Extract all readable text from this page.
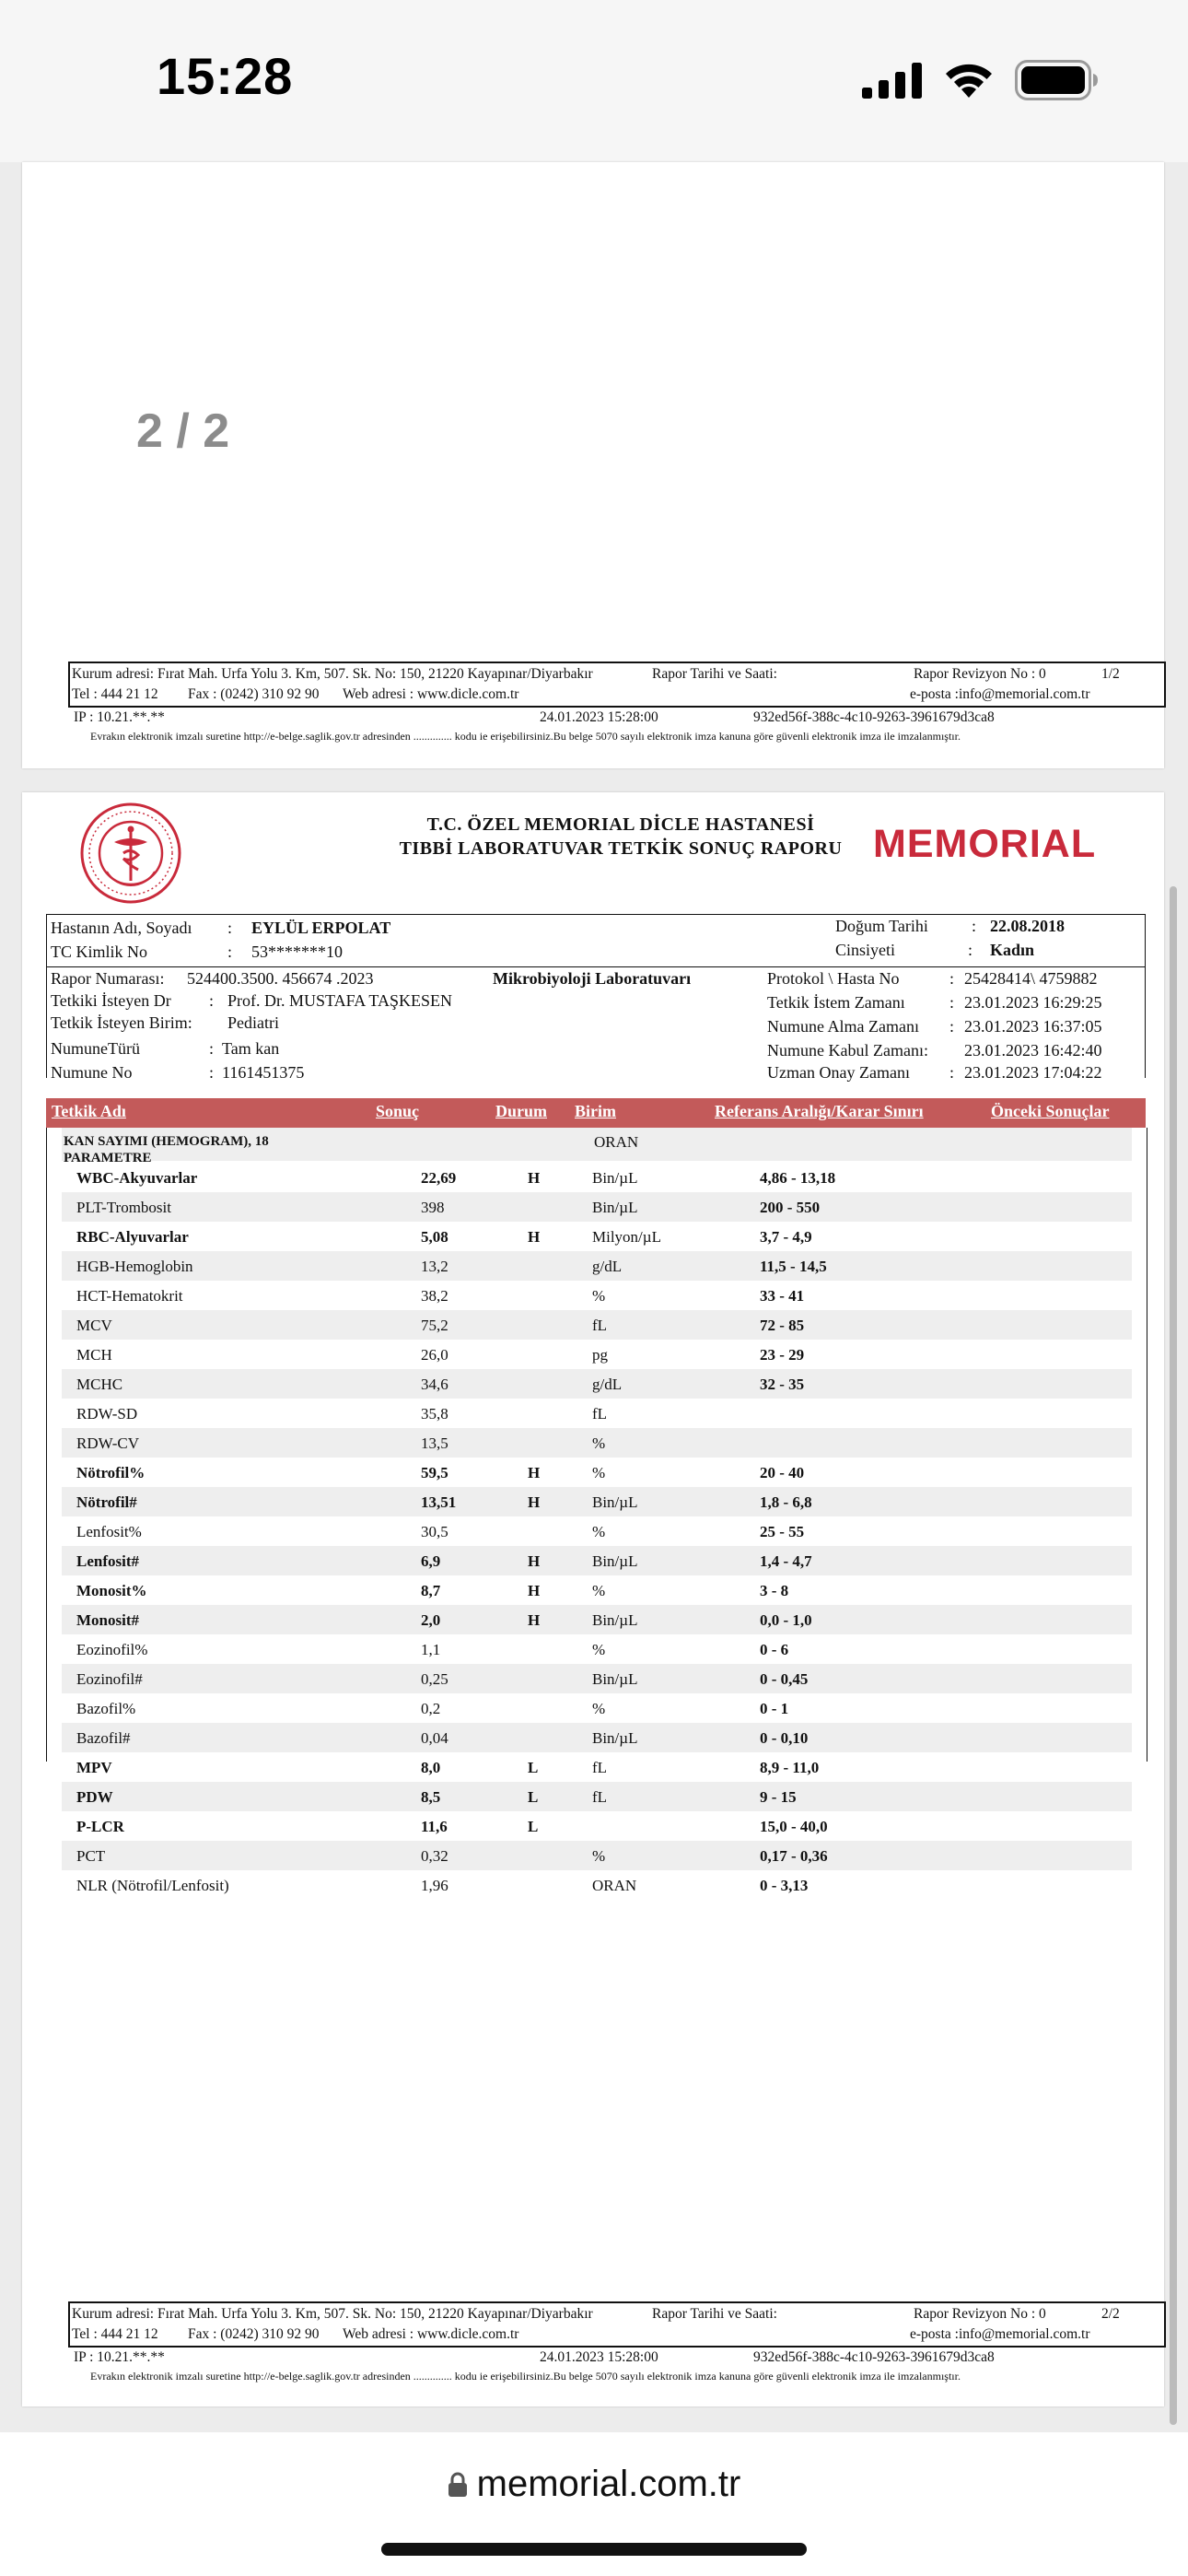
15:28
2 / 2
Kurum adresi: Fırat Mah. Urfa Yolu 3. Km, 507. Sk. No: 150, 21220 Kayapınar/Diyarbakır	Rapor Tarihi ve Saati:	Rapor Revizyon No : 0	1/2
Tel : 444 21 12 Fax : (0242) 310 92 90 Web adresi : www.dicle.com.tr	e-posta :info@memorial.com.tr
IP : 10.21.**.**	24.01.2023 15:28:00	932ed56f-388c-4c10-9263-3961679d3ca8
Evrakın elektronik imzalı suretine http://e-belge.saglik.gov.tr adresinden .............. kodu ie erişebilirsiniz.Bu belge 5070 sayılı elektronik imza kanuna göre güvenli elektronik imza ile imzalanmıştır.
T.C. ÖZEL MEMORIAL DİCLE HASTANESİ
TIBBİ LABORATUVAR TETKİK SONUÇ RAPORU MEMORIAL
Hastanın Adı, Soyadı : EYLÜL ERPOLAT
TC Kimlik No	: 53*******10
Doğum Tarihi	: 22.08.2018
Cinsiyeti	: Kadın
Rapor Numarası: 524400.3500. 456674 .2023	Mikrobiyoloji Laboratuvarı
Tetkiki İsteyen Dr : Prof. Dr. MUSTAFA TAŞKESEN
Tetkik İsteyen Birim: Pediatri
NumuneTürü	: Tam kan
Numune No	: 1161451375
Protokol \ Hasta No	: 25428414\ 4759882
Tetkik İstem Zamanı	: 23.01.2023 16:29:25
Numune Alma Zamanı : 23.01.2023 16:37:05
Numune Kabul Zamanı: 23.01.2023 16:42:40
Uzman Onay Zamanı : 23.01.2023 17:04:22
Tetkik Adı	Sonuç	Durum Birim	Referans Aralığı/Karar Sınırı	Önceki Sonuçlar
KAN SAYIMI (HEMOGRAM), 18 PARAMETRE
ORAN
WBC-Akyuvarlar	22,69	H	Bin/µL	4,86 - 13,18
PLT-Trombosit	398	Bin/µL	200 - 550
RBC-Alyuvarlar	5,08	H	Milyon/µL	3,7 - 4,9
HGB-Hemoglobin	13,2	g/dL	11,5 - 14,5
HCT-Hematokrit	38,2	%	33 - 41
MCV	75,2	fL	72 - 85
MCH	26,0	pg	23 - 29
MCHC	34,6	g/dL	32 - 35
RDW-SD	35,8	fL
RDW-CV	13,5	%
Nötrofil%	59,5	H	%	20 - 40
Nötrofil#	13,51	H	Bin/µL	1,8 - 6,8
Lenfosit%	30,5	%	25 - 55
Lenfosit#	6,9	H	Bin/µL	1,4 - 4,7
Monosit%	8,7	H	%	3 - 8
Monosit#	2,0	H	Bin/µL	0,0 - 1,0
Eozinofil%	1,1	%	0 - 6
Eozinofil#	0,25	Bin/µL	0 - 0,45
Bazofil%	0,2	%	0 - 1
Bazofil#	0,04	Bin/µL	0 - 0,10
MPV	8,0	L	fL	8,9 - 11,0
PDW	8,5	L	fL	9 - 15
P-LCR	11,6	L	15,0 - 40,0
PCT	0,32	%	0,17 - 0,36
NLR (Nötrofil/Lenfosit)	1,96	ORAN	0 - 3,13
Kurum adresi: Fırat Mah. Urfa Yolu 3. Km, 507. Sk. No: 150, 21220 Kayapınar/Diyarbakır	Rapor Tarihi ve Saati:	Rapor Revizyon No : 0	2/2
Tel : 444 21 12 Fax : (0242) 310 92 90 Web adresi : www.dicle.com.tr	e-posta :info@memorial.com.tr
IP : 10.21.**.**	24.01.2023 15:28:00	932ed56f-388c-4c10-9263-3961679d3ca8
Evrakın elektronik imzalı suretine http://e-belge.saglik.gov.tr adresinden .............. kodu ie erişebilirsiniz.Bu belge 5070 sayılı elektronik imza kanuna göre güvenli elektronik imza ile imzalanmıştır.
memorial.com.tr
